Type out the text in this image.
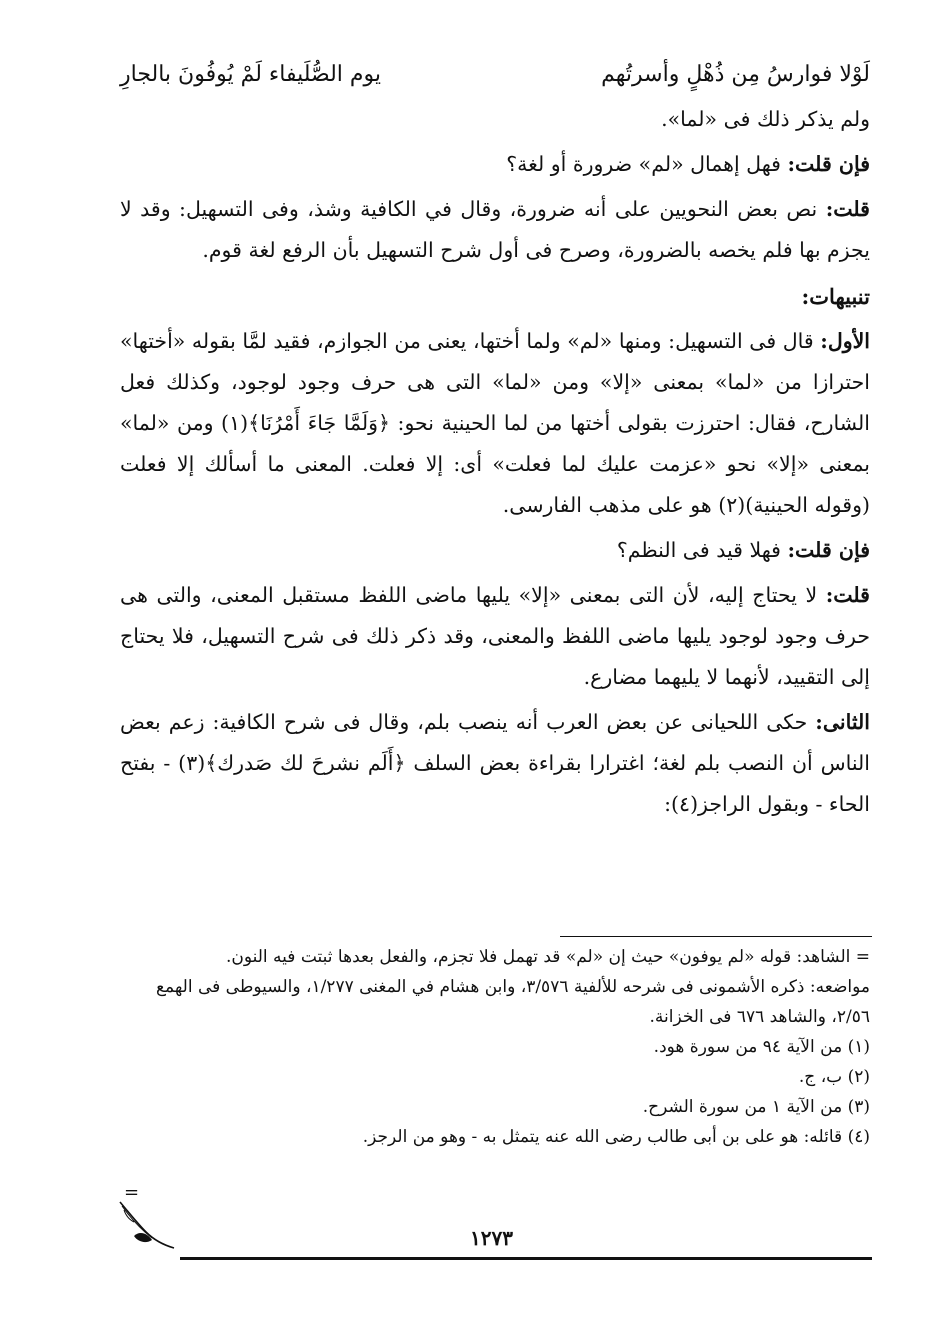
لَوْلا فوارسُ مِن ذُهْلٍ وأسرتُهم
يوم الصُّلَيفاء لَمْ يُوفُونَ بالجارِ

ولم يذكر ذلك فى «لما».

فإن قلت: فهل إهمال «لم» ضرورة أو لغة؟

قلت: نص بعض النحويين على أنه ضرورة، وقال في الكافية وشذ، وفى التسهيل: وقد لا يجزم بها فلم يخصه بالضرورة، وصرح فى أول شرح التسهيل بأن الرفع لغة قوم.

تنبيهات:

الأول: قال فى التسهيل: ومنها «لم» ولما أختها، يعنى من الجوازم، فقيد لمَّا بقوله «أختها» احترازا من «لما» بمعنى «إلا» ومن «لما» التى هى حرف وجود لوجود، وكذلك فعل الشارح، فقال: احترزت بقولى أختها من لما الحينية نحو: ﴿وَلَمَّا جَاءَ أَمْرُنَا﴾(١) ومن «لما» بمعنى «إلا» نحو «عزمت عليك لما فعلت» أى: إلا فعلت. المعنى ما أسألك إلا فعلت (وقوله الحينية)(٢) هو على مذهب الفارسى.

فإن قلت: فهلا قيد فى النظم؟

قلت: لا يحتاج إليه، لأن التى بمعنى «إلا» يليها ماضى اللفظ مستقبل المعنى، والتى هى حرف وجود لوجود يليها ماضى اللفظ والمعنى، وقد ذكر ذلك فى شرح التسهيل، فلا يحتاج إلى التقييد، لأنهما لا يليهما مضارع.

الثانى: حكى اللحيانى عن بعض العرب أنه ينصب بلم، وقال فى شرح الكافية: زعم بعض الناس أن النصب بلم لغة؛ اغترارا بقراءة بعض السلف ﴿أَلَم نشرحَ لك صَدرك﴾(٣) - بفتح الحاء - وبقول الراجز(٤):

= الشاهد: قوله «لم يوفون» حيث إن «لم» قد تهمل فلا تجزم، والفعل بعدها ثبتت فيه النون.

مواضعه: ذكره الأشمونى فى شرحه للألفية ٣/٥٧٦، وابن هشام في المغنى ١/٢٧٧، والسيوطى فى الهمع ٢/٥٦، والشاهد ٦٧٦ فى الخزانة.

(١) من الآية ٩٤ من سورة هود.

(٢) ب، ج.

(٣) من الآية ١ من سورة الشرح.

(٤) قائله: هو على بن أبى طالب رضى الله عنه يتمثل به - وهو من الرجز.

=
١٢٧٣
